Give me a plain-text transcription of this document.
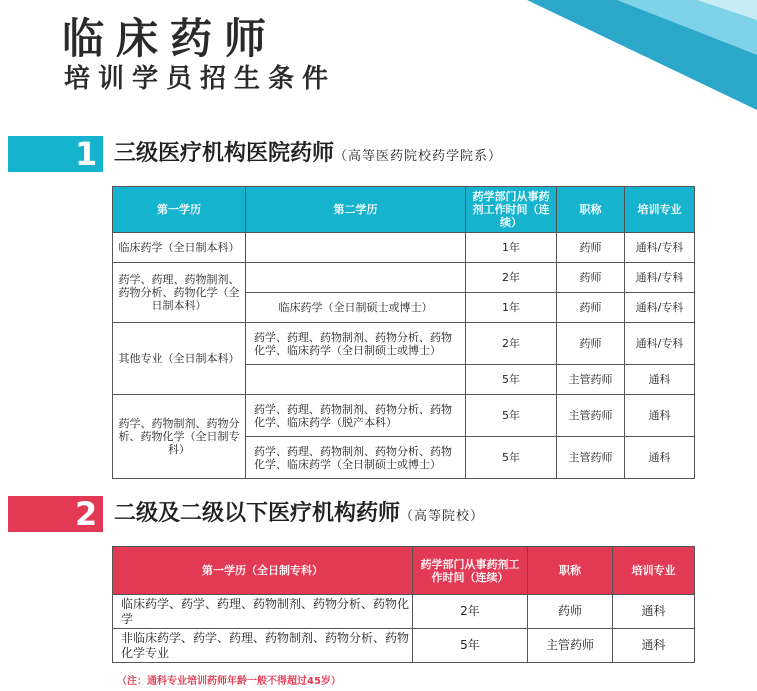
临床药师
培训学员招生条件
1 三级医疗机构医院药师（高等医药院校药学院系）
第一学历	第二学历	药学部门从事药剂工作时间（连续）	职称	培训专业
临床药学（全日制本科）		1年	药师	通科/专科
药学、药理、药物制剂、药物分析、药物化学（全日制本科）		2年	药师	通科/专科
	临床药学（全日制硕士或博士）	1年	药师	通科/专科
其他专业（全日制本科）	药学、药理、药物制剂、药物分析、药物化学、临床药学（全日制硕士或博士）	2年	药师	通科/专科
		5年	主管药师	通科
药学、药物制剂、药物分析、药物化学（全日制专科）	药学、药理、药物制剂、药物分析、药物化学、临床药学（脱产本科）	5年	主管药师	通科
	药学、药理、药物制剂、药物分析、药物化学、临床药学（全日制硕士或博士）	5年	主管药师	通科
2 二级及二级以下医疗机构药师（高等院校）
第一学历（全日制专科）	药学部门从事药剂工作时间（连续）	职称	培训专业
临床药学、药学、药理、药物制剂、药物分析、药物化学	2年	药师	通科
非临床药学、药学、药理、药物制剂、药物分析、药物化学专业	5年	主管药师	通科
（注：通科专业培训药师年龄一般不得超过45岁）
